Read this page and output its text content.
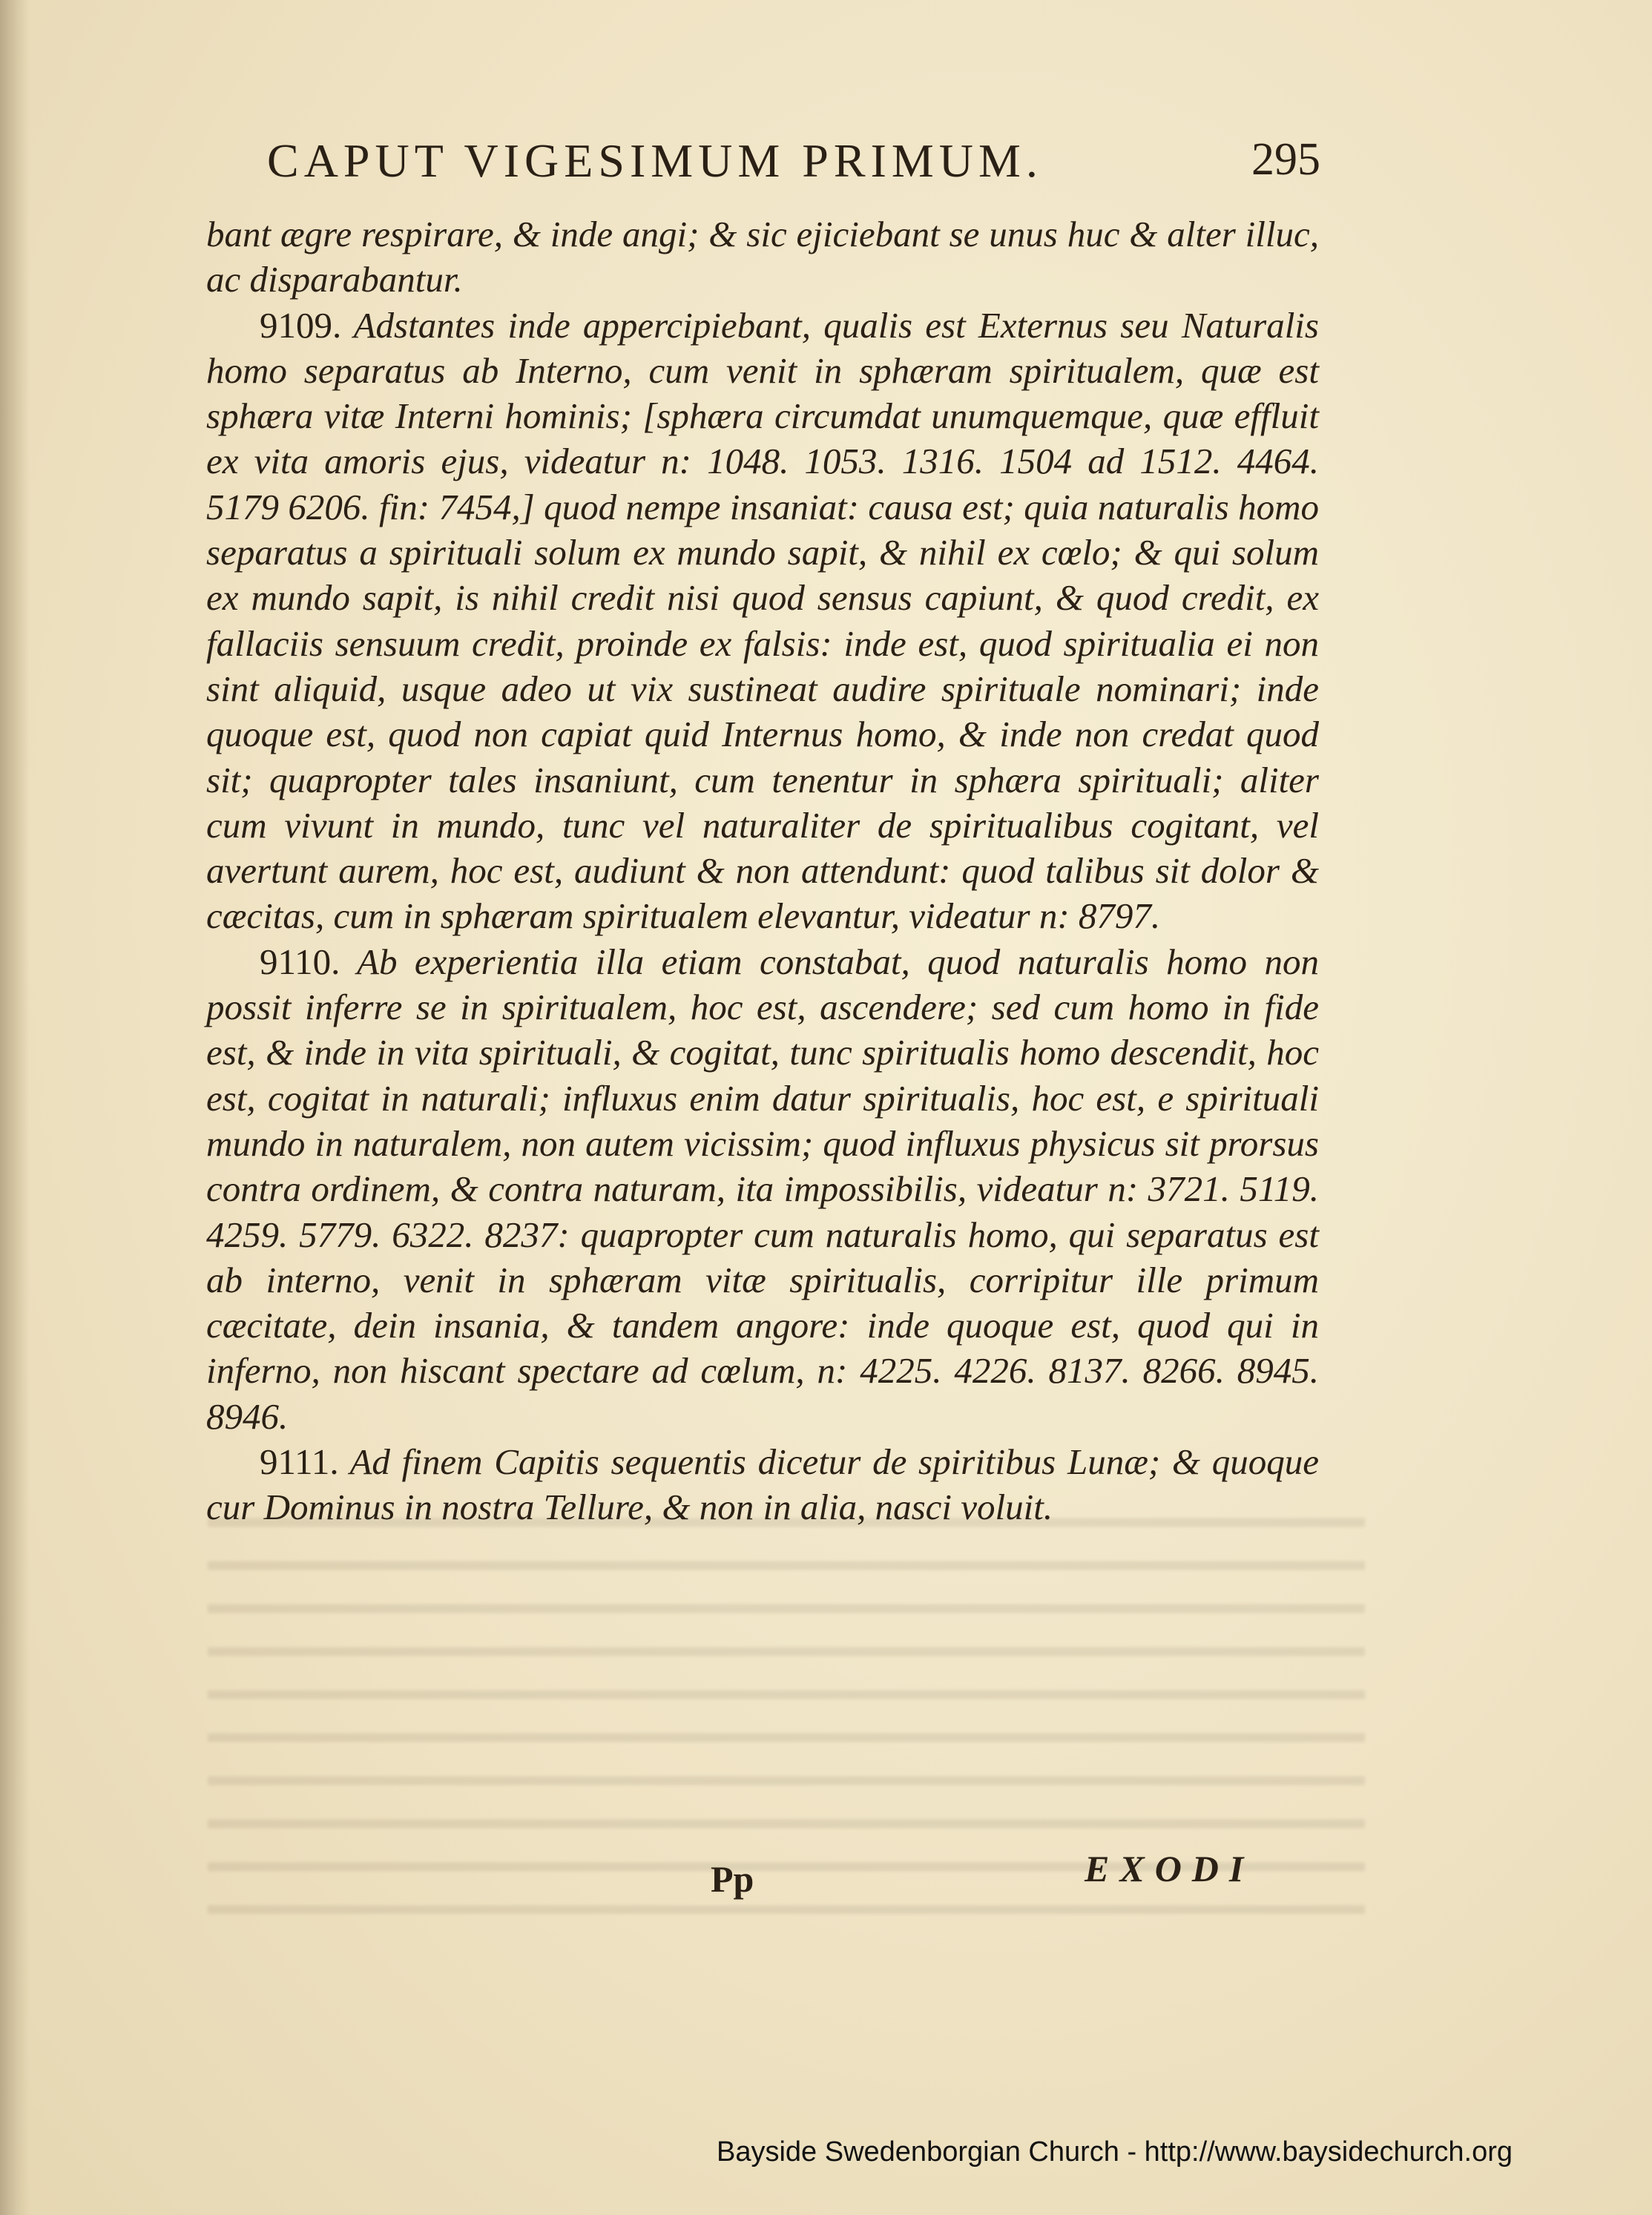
CAPUT VIGESIMUM PRIMUM.	295

bant ægre respirare, & inde angi; & sic ejiciebant se unus huc & alter illuc, ac disparabantur.

9109. Adstantes inde appercipiebant, qualis est Externus seu Naturalis homo separatus ab Interno, cum venit in sphæram spiritualem, quæ est sphæra vitæ Interni hominis; [sphæra circumdat unumquemque, quæ effluit ex vita amoris ejus, videatur n: 1048. 1053. 1316. 1504 ad 1512. 4464. 5179 6206. fin: 7454,] quod nempe insaniat: causa est; quia naturalis homo separatus a spirituali solum ex mundo sapit, & nihil ex cœlo; & qui solum ex mundo sapit, is nihil credit nisi quod sensus capiunt, & quod credit, ex fallaciis sensuum credit, proinde ex falsis: inde est, quod spiritualia ei non sint aliquid, usque adeo ut vix sustineat audire spirituale nominari; inde quoque est, quod non capiat quid Internus homo, & inde non credat quod sit; quapropter tales insaniunt, cum tenentur in sphæra spirituali; aliter cum vivunt in mundo, tunc vel naturaliter de spiritualibus cogitant, vel avertunt aurem, hoc est, audiunt & non attendunt: quod talibus sit dolor & cæcitas, cum in sphæram spiritualem elevantur, videatur n: 8797.

9110. Ab experientia illa etiam constabat, quod naturalis homo non possit inferre se in spiritualem, hoc est, ascendere; sed cum homo in fide est, & inde in vita spirituali, & cogitat, tunc spiritualis homo descendit, hoc est, cogitat in naturali; influxus enim datur spiritualis, hoc est, e spirituali mundo in naturalem, non autem vicissim; quod influxus physicus sit prorsus contra ordinem, & contra naturam, ita impossibilis, videatur n: 3721. 5119. 4259. 5779. 6322. 8237: quapropter cum naturalis homo, qui separatus est ab interno, venit in sphæram vitæ spiritualis, corripitur ille primum cæcitate, dein insania, & tandem angore: inde quoque est, quod qui in inferno, non hiscant spectare ad cœlum, n: 4225. 4226. 8137. 8266. 8945. 8946.

9111. Ad finem Capitis sequentis dicetur de spiritibus Lunæ; & quoque cur Dominus in nostra Tellure, & non in alia, nasci voluit.

Pp	EXODI
Bayside Swedenborgian Church - http://www.baysidechurch.org
